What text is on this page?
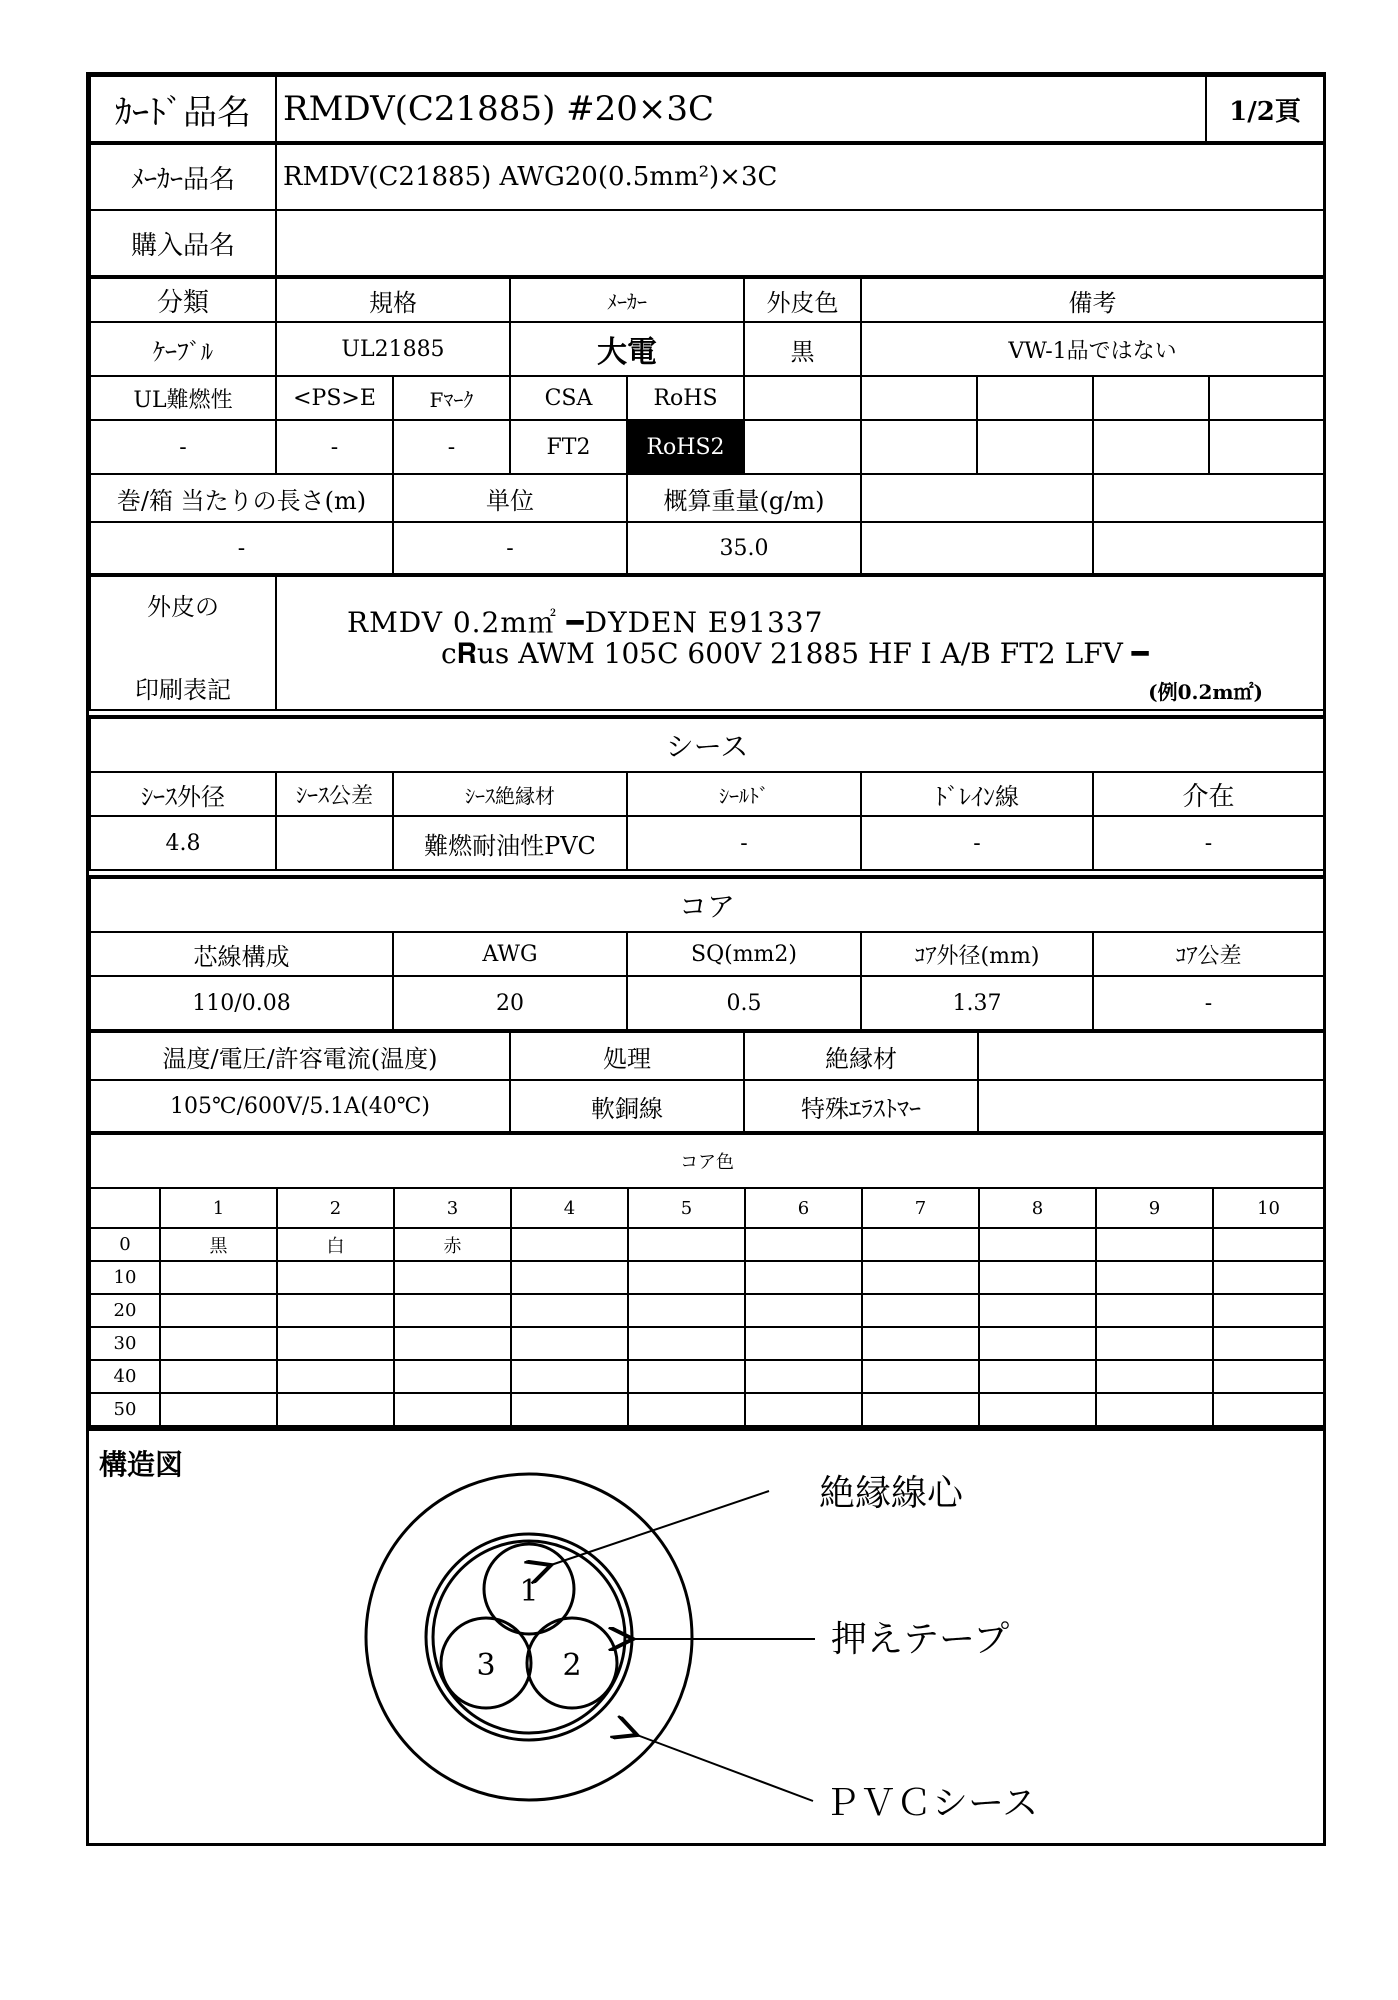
ｶｰﾄﾞ品名	RMDV(C21885) #20×3C	1/2頁
ﾒｰｶｰ品名	RMDV(C21885) AWG20(0.5mm²)×3C
購入品名	
分類	規格		ﾒｰｶｰ		外皮色	備考			
ｹｰﾌﾞﾙ	UL21885		大電		黒	VW-1品ではない			
UL難燃性	<PS>E	Fﾏｰｸ	CSA	RoHS					
-	-	-	FT2	RoHS2					
巻/箱 当たりの長さ(m)		単位		概算重量(g/m)					
-		-		35.0					
外皮の
印刷表記

RMDV 0.2m㎡ ━DYDEN E91337
c𝐑us AWM 105C 600V 21885 HF I A/B FT2 LFV ━
(例0.2m㎡)
シース					
ｼｰｽ外径	ｼｰｽ公差	ｼｰｽ絶縁材	ｼｰﾙﾄﾞ	ﾄﾞﾚｲﾝ線	介在
4.8		難燃耐油性PVC	-	-	-
コア				
芯線構成	AWG	SQ(mm2)	ｺｱ外径(mm)	ｺｱ公差
110/0.08	20	0.5	1.37	-
温度/電圧/許容電流(温度)	処理	絶縁材	
105℃/600V/5.1A(40℃)	軟銅線	特殊ｴﾗｽﾄﾏｰ	
コア色										
	1	2	3	4	5	6	7	8	9	10
0	黒	白	赤							
10										
20										
30										
40										
50										
構造図
1
2
3
絶縁線心
押えテープ
ＰＶＣシース
